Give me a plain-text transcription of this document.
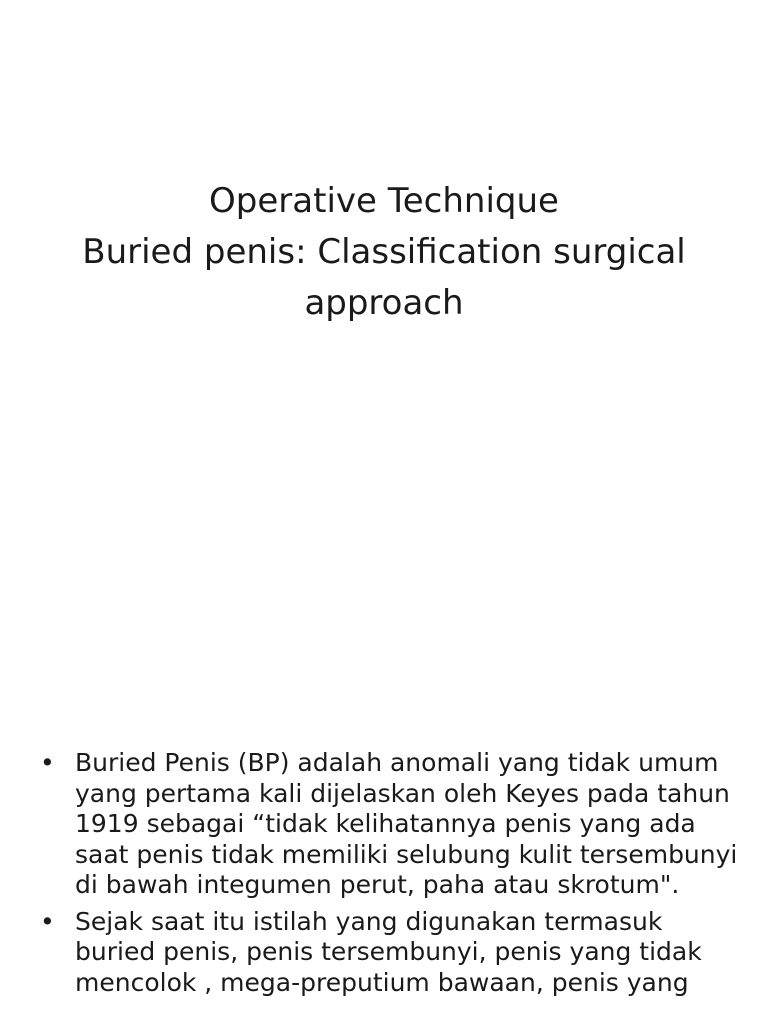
Operative Technique
Buried penis: Classification surgical
approach
• Buried Penis (BP) adalah anomali yang tidak umum yang pertama kali dijelaskan oleh Keyes pada tahun 1919 sebagai “tidak kelihatannya penis yang ada saat penis tidak memiliki selubung kulit tersembunyi di bawah integumen perut, paha atau skrotum".
• Sejak saat itu istilah yang digunakan termasuk buried penis, penis tersembunyi, penis yang tidak mencolok , mega-preputium bawaan, penis yang
